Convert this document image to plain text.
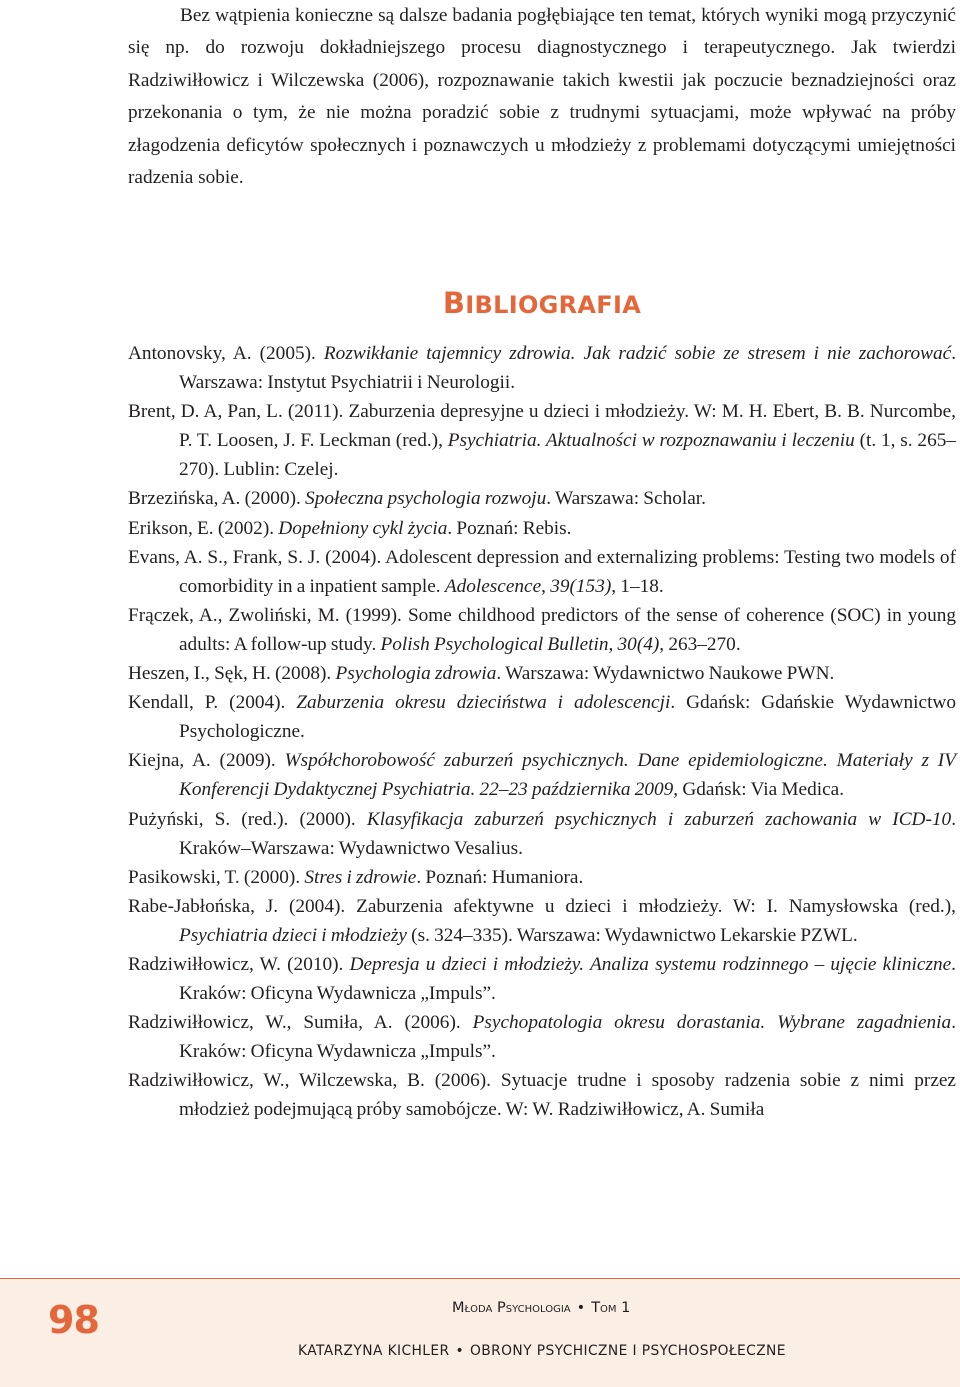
Bez wątpienia konieczne są dalsze badania pogłębiające ten temat, których wyniki mogą przyczynić się np. do rozwoju dokładniejszego procesu diagnostycznego i terapeutycznego. Jak twierdzi Radziwiłłowicz i Wilczewska (2006), rozpoznawanie takich kwestii jak poczucie beznadziejności oraz przekonania o tym, że nie można poradzić sobie z trudnymi sytuacjami, może wpływać na próby złagodzenia deficytów społecznych i poznawczych u młodzieży z problemami dotyczącymi umiejętności radzenia sobie.

BIBLIOGRAFIA

Antonovsky, A. (2005). Rozwikłanie tajemnicy zdrowia. Jak radzić sobie ze stresem i nie zachorować. Warszawa: Instytut Psychiatrii i Neurologii.

Brent, D. A, Pan, L. (2011). Zaburzenia depresyjne u dzieci i młodzieży. W: M. H. Ebert, B. B. Nurcombe, P. T. Loosen, J. F. Leckman (red.), Psychiatria. Aktualności w rozpoznawaniu i leczeniu (t. 1, s. 265–270). Lublin: Czelej.

Brzezińska, A. (2000). Społeczna psychologia rozwoju. Warszawa: Scholar.

Erikson, E. (2002). Dopełniony cykl życia. Poznań: Rebis.

Evans, A. S., Frank, S. J. (2004). Adolescent depression and externalizing problems: Testing two models of comorbidity in a inpatient sample. Adolescence, 39(153), 1–18.

Frączek, A., Zwoliński, M. (1999). Some childhood predictors of the sense of coherence (SOC) in young adults: A follow-up study. Polish Psychological Bulletin, 30(4), 263–270.

Heszen, I., Sęk, H. (2008). Psychologia zdrowia. Warszawa: Wydawnictwo Naukowe PWN.

Kendall, P. (2004). Zaburzenia okresu dzieciństwa i adolescencji. Gdańsk: Gdańskie Wydawnictwo Psychologiczne.

Kiejna, A. (2009). Współchorobowość zaburzeń psychicznych. Dane epidemiologiczne. Materiały z IV Konferencji Dydaktycznej Psychiatria. 22–23 października 2009, Gdańsk: Via Medica.

Pużyński, S. (red.). (2000). Klasyfikacja zaburzeń psychicznych i zaburzeń zachowania w ICD-10. Kraków–Warszawa: Wydawnictwo Vesalius.

Pasikowski, T. (2000). Stres i zdrowie. Poznań: Humaniora.

Rabe-Jabłońska, J. (2004). Zaburzenia afektywne u dzieci i młodzieży. W: I. Namysłowska (red.), Psychiatria dzieci i młodzieży (s. 324–335). Warszawa: Wydawnictwo Lekarskie PZWL.

Radziwiłłowicz, W. (2010). Depresja u dzieci i młodzieży. Analiza systemu rodzinnego – ujęcie kliniczne. Kraków: Oficyna Wydawnicza „Impuls”.

Radziwiłłowicz, W., Sumiła, A. (2006). Psychopatologia okresu dorastania. Wybrane zagadnienia. Kraków: Oficyna Wydawnicza „Impuls”.

Radziwiłłowicz, W., Wilczewska, B. (2006). Sytuacje trudne i sposoby radzenia sobie z nimi przez młodzież podejmującą próby samobójcze. W: W. Radziwiłłowicz, A. Sumiła

98	Młoda Psychologia • Tom 1
KATARZYNA KICHLER • OBRONY PSYCHICZNE I PSYCHOSPOŁECZNE
